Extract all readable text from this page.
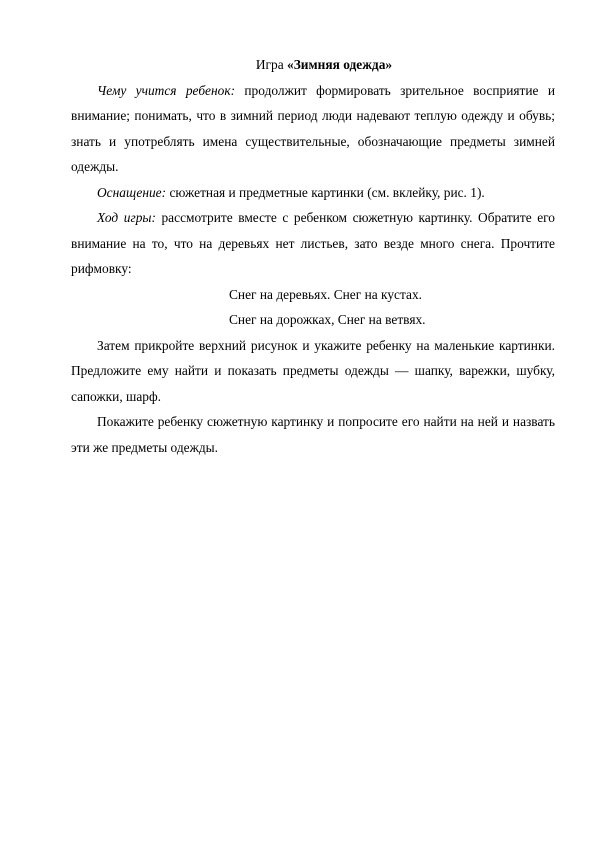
Игра «Зимняя одежда»

Чему учится ребенок: продолжит формировать зрительное восприятие и внимание; понимать, что в зимний период люди надевают теплую одежду и обувь; знать и употреблять имена существительные, обозначающие предметы зимней одежды.

Оснащение: сюжетная и предметные картинки (см. вклейку, рис. 1).

Ход игры: рассмотрите вместе с ребенком сюжетную картинку. Обратите его внимание на то, что на деревьях нет листьев, зато везде много снега. Прочтите рифмовку:

Снег на деревьях. Снег на кустах.

Снег на дорожках, Снег на ветвях.

Затем прикройте верхний рисунок и укажите ребенку на маленькие картинки. Предложите ему найти и показать предметы одежды — шапку, варежки, шубку, сапожки, шарф.

Покажите ребенку сюжетную картинку и попросите его найти на ней и назвать эти же предметы одежды.
